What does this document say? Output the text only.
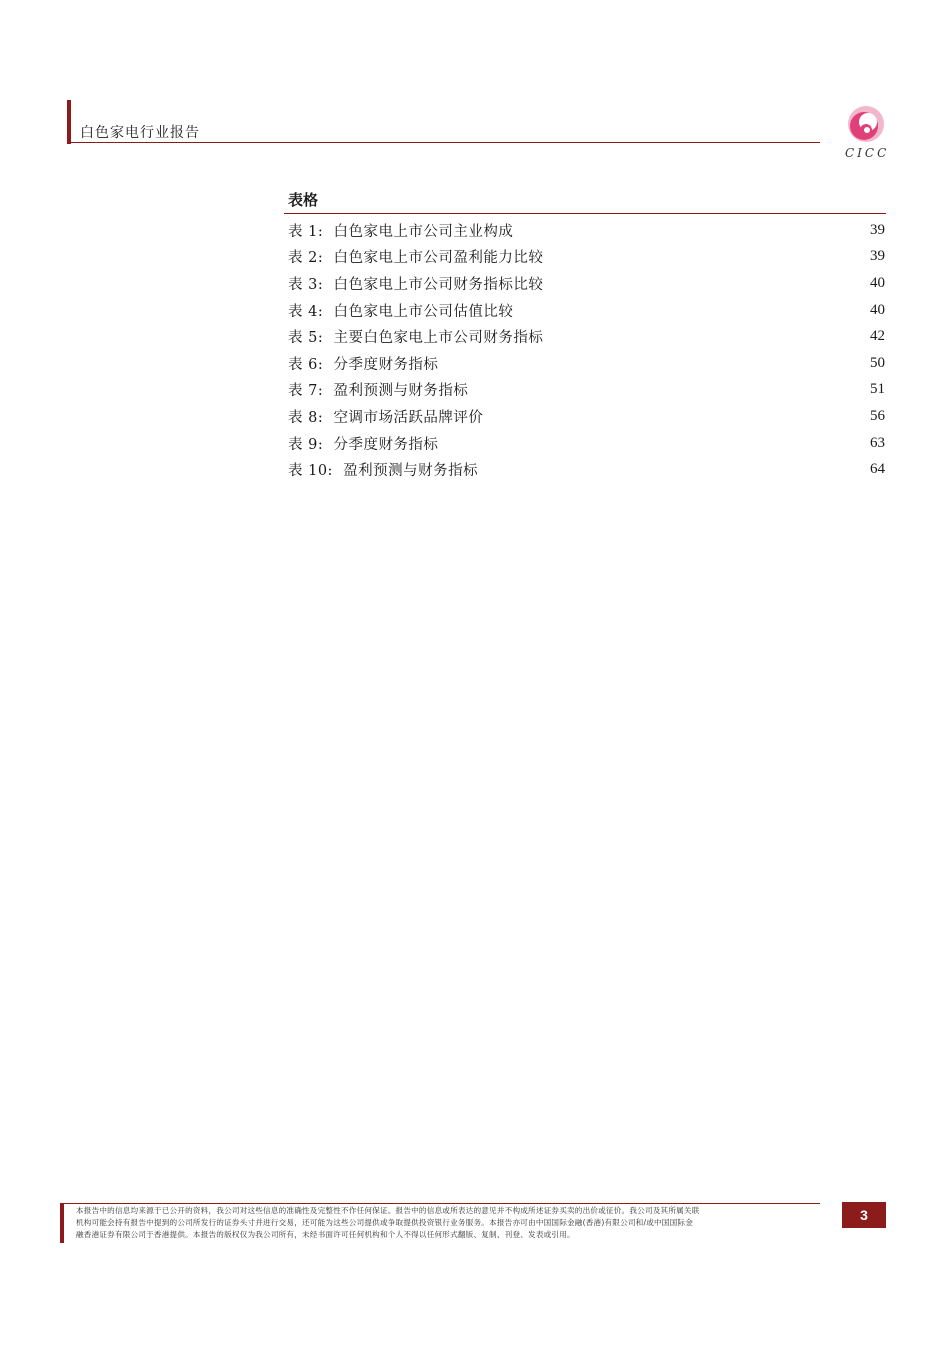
白色家电行业报告
CICC
表格
表 1:  白色家电上市公司主业构成	39
表 2:  白色家电上市公司盈利能力比较	39
表 3:  白色家电上市公司财务指标比较	40
表 4:  白色家电上市公司估值比较	40
表 5:  主要白色家电上市公司财务指标	42
表 6:  分季度财务指标	50
表 7:  盈利预测与财务指标	51
表 8:  空调市场活跃品牌评价	56
表 9:  分季度财务指标	63
表 10:  盈利预测与财务指标	64
本报告中的信息均来源于已公开的资料，我公司对这些信息的准确性及完整性不作任何保证。报告中的信息或所表达的意见并不构成所述证券买卖的出价或征价。我公司及其所属关联
机构可能会持有报告中提到的公司所发行的证券头寸并进行交易，还可能为这些公司提供或争取提供投资银行业务服务。本报告亦可由中国国际金融(香港)有限公司和/或中国国际金
融香港证券有限公司于香港提供。本报告的版权仅为我公司所有，未经书面许可任何机构和个人不得以任何形式翻版、复制、刊登、发表或引用。
3
